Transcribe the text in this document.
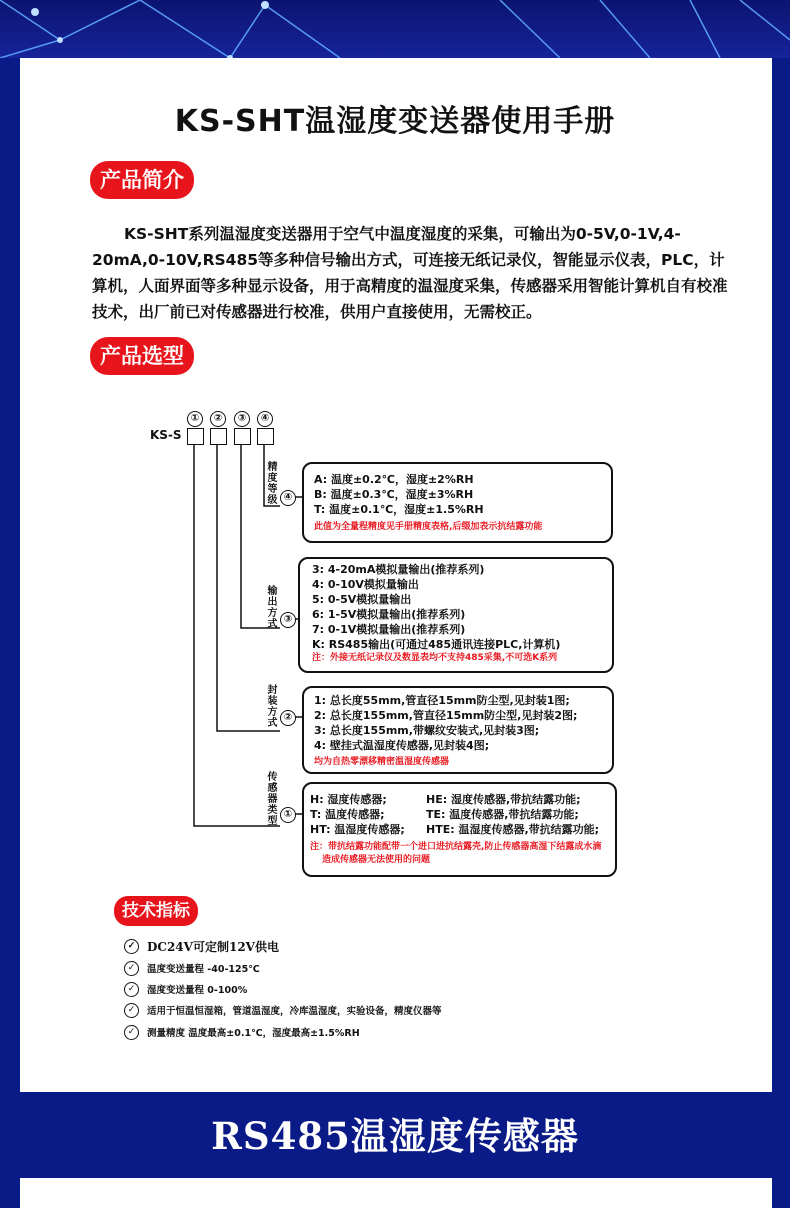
KS-SHT温湿度变送器使用手册
产品简介
KS-SHT系列温湿度变送器用于空气中温度湿度的采集，可输出为0-5V,0-1V,4-20mA,0-10V,RS485等多种信号输出方式，可连接无纸记录仪，智能显示仪表，PLC，计算机，人面界面等多种显示设备，用于高精度的温湿度采集，传感器采用智能计算机自有校准技术，出厂前已对传感器进行校准，供用户直接使用，无需校正。
产品选型
①	②	③	④
KS-S
精度等级 ④
A: 温度±0.2℃，湿度±2%RH
B: 温度±0.3℃，湿度±3%RH
T: 温度±0.1℃，湿度±1.5%RH
此值为全量程精度见手册精度表格,后缀加表示抗结露功能
输出方式 ③
3: 4-20mA模拟量输出(推荐系列)
4: 0-10V模拟量输出
5: 0-5V模拟量输出
6: 1-5V模拟量输出(推荐系列)
7: 0-1V模拟量输出(推荐系列)
K: RS485输出(可通过485通讯连接PLC,计算机)
注：外接无纸记录仪及数显表均不支持485采集,不可选K系列
封装方式
②
1: 总长度55mm,管直径15mm防尘型,见封装1图;
2: 总长度155mm,管直径15mm防尘型,见封装2图;
3: 总长度155mm,带螺纹安装式,见封装3图;
4: 壁挂式温湿度传感器,见封装4图;
均为自热零漂移精密温湿度传感器
传感器类型
①
H: 湿度传感器;
T: 温度传感器;
HT: 温湿度传感器;
HE: 湿度传感器,带抗结露功能;
TE: 温度传感器,带抗结露功能;
HTE: 温湿度传感器,带抗结露功能;
注：带抗结露功能配带一个进口进抗结露壳,防止传感器高湿下结露成水滴
造成传感器无法使用的问题
技术指标
✓ DC24V可定制12V供电
✓	温度变送量程 -40-125℃
✓	湿度变送量程 0-100%
✓	适用于恒温恒湿箱，管道温湿度，冷库温湿度，实验设备，精度仪器等
✓	测量精度 温度最高±0.1℃，湿度最高±1.5%RH
RS485温湿度传感器
